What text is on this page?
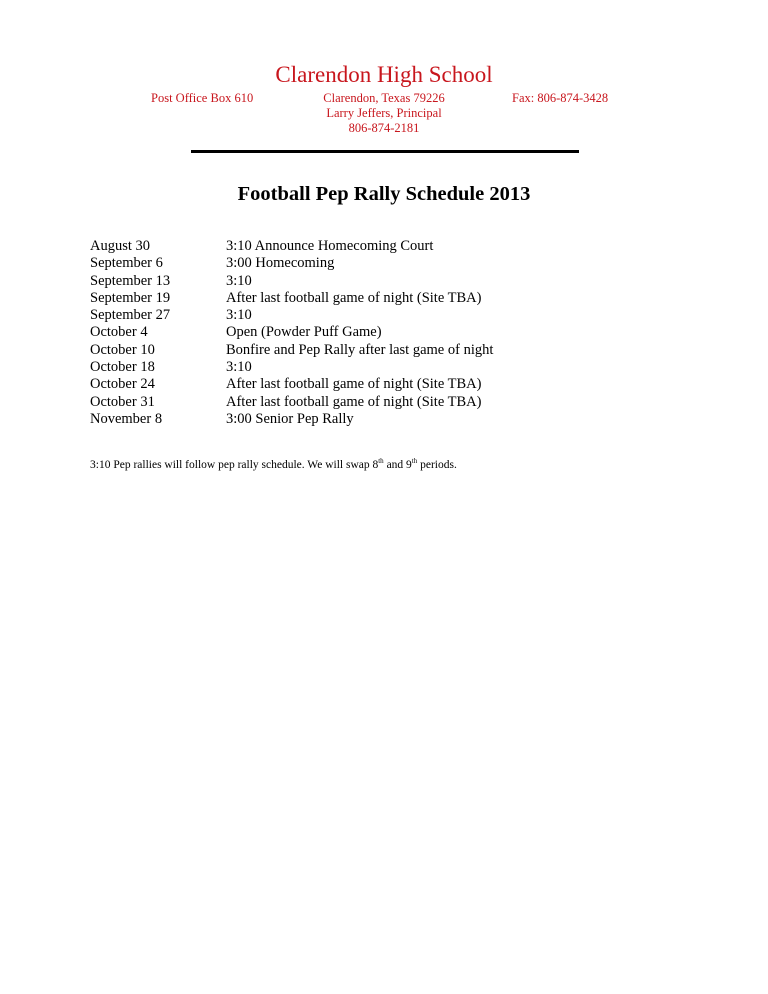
Clarendon High School
Post Office Box 610	Clarendon, Texas 79226	Fax: 806-874-3428
Larry Jeffers, Principal
806-874-2181
Football Pep Rally Schedule 2013
August 30	3:10 Announce Homecoming Court
September 6	3:00 Homecoming
September 13	3:10
September 19	After last football game of night (Site TBA)
September 27	3:10
October 4	Open (Powder Puff Game)
October 10	Bonfire and Pep Rally after last game of night
October 18	3:10
October 24	After last football game of night (Site TBA)
October 31	After last football game of night (Site TBA)
November 8	3:00 Senior Pep Rally
3:10 Pep rallies will follow pep rally schedule. We will swap 8th and 9th periods.
